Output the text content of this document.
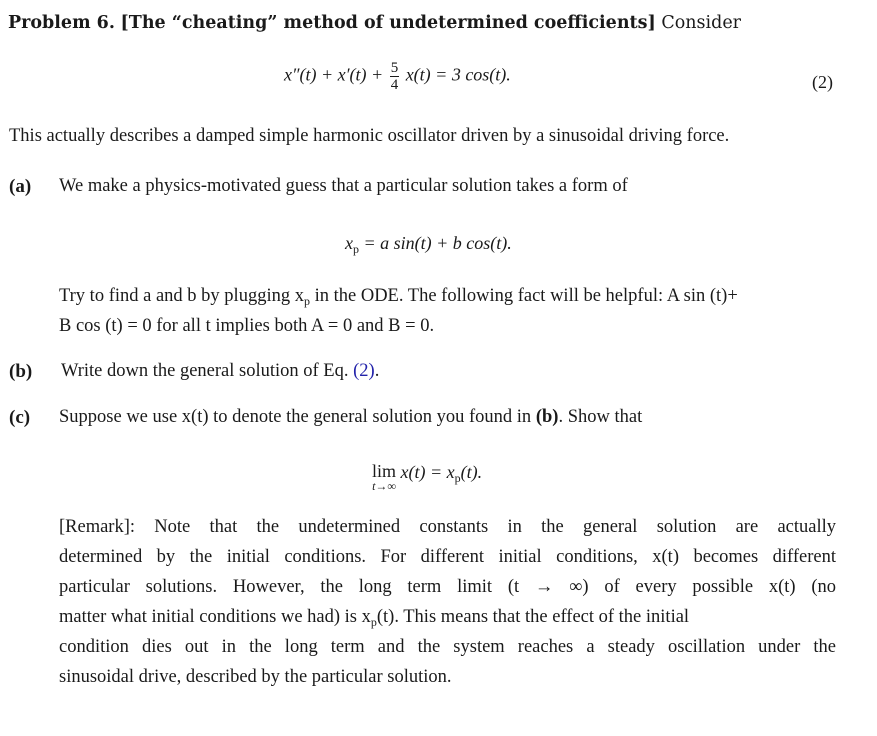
Problem 6. [The “cheating” method of undetermined coefficients] Consider
$x''(t) + x'(t) + \frac{5}{4} x(t) = 3$ cos(t).	(2)
This actually describes a damped simple harmonic oscillator driven by a sinusoidal driving force.
(a) We make a physics-motivated guess that a particular solution takes a form of
$x_p = a$ sin(t) + b cos(t).
Try to find a and b by plugging $x_p$ in the ODE. The following fact will be helpful: A sin (t)+
B cos (t) = 0 for all t implies both A = 0 and B = 0.
(b) Write down the general solution of Eq. (2).
(c) Suppose we use x(t) to denote the general solution you found in (b). Show that
lim
t→∞
$x(t) = x_p(t)$.
[Remark]: Note that the undetermined constants in the general solution are actually
determined by the initial conditions. For different initial conditions, x(t) becomes different
particular solutions. However, the long term limit (t → ∞) of every possible x(t) (no
matter what initial conditions we had) is $x_p(t)$. This means that the effect of the initial
condition dies out in the long term and the system reaches a steady oscillation under the
sinusoidal drive, described by the particular solution.
